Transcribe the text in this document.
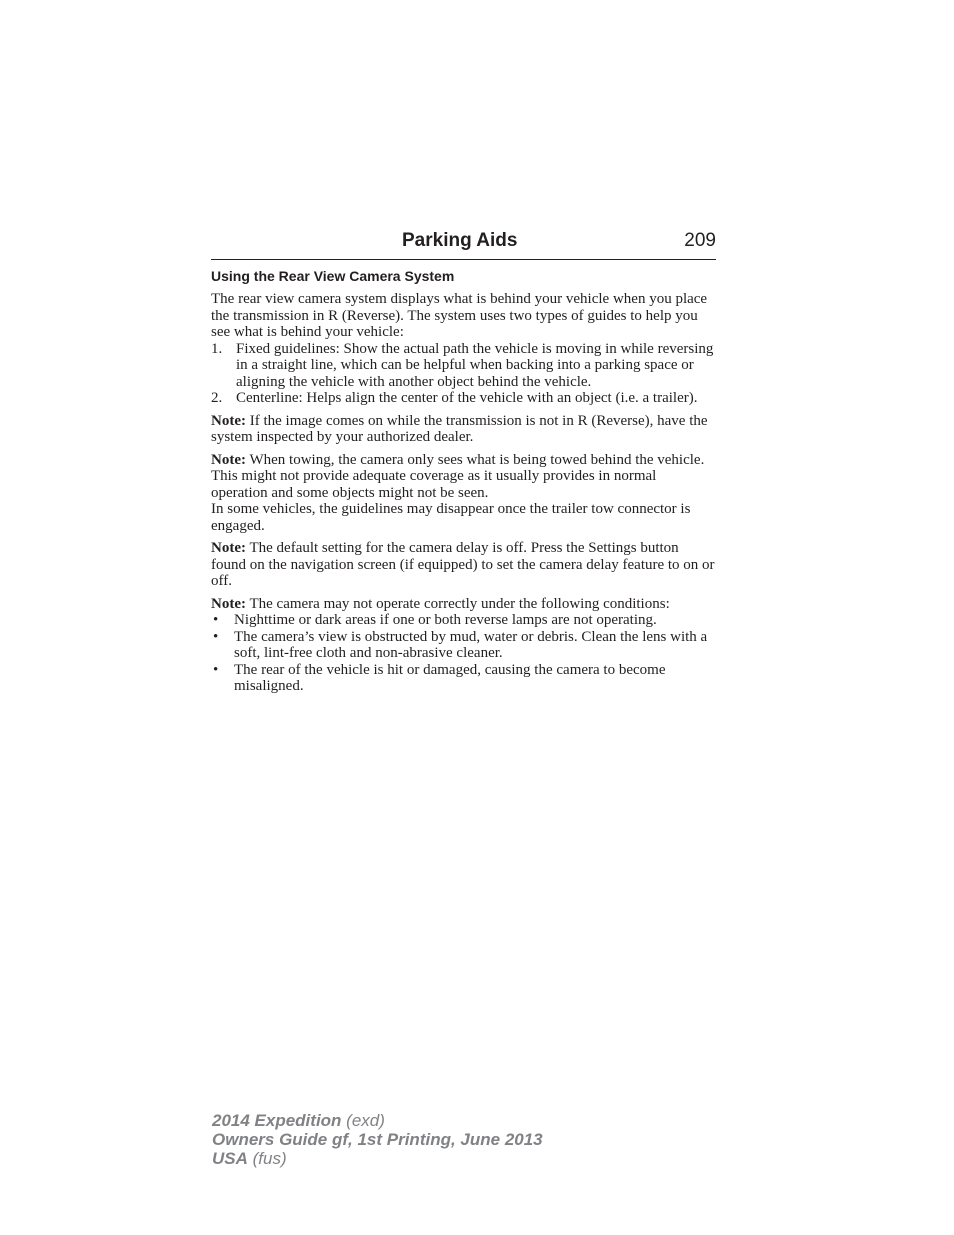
Parking Aids	209
Using the Rear View Camera System

The rear view camera system displays what is behind your vehicle when you place the transmission in R (Reverse). The system uses two types of guides to help you see what is behind your vehicle:

1. Fixed guidelines: Show the actual path the vehicle is moving in while reversing in a straight line, which can be helpful when backing into a parking space or aligning the vehicle with another object behind the vehicle.
2. Centerline: Helps align the center of the vehicle with an object (i.e. a trailer).

Note: If the image comes on while the transmission is not in R (Reverse), have the system inspected by your authorized dealer.

Note: When towing, the camera only sees what is being towed behind the vehicle. This might not provide adequate coverage as it usually provides in normal operation and some objects might not be seen.

In some vehicles, the guidelines may disappear once the trailer tow connector is engaged.

Note: The default setting for the camera delay is off. Press the Settings button found on the navigation screen (if equipped) to set the camera delay feature to on or off.

Note: The camera may not operate correctly under the following conditions:

• Nighttime or dark areas if one or both reverse lamps are not operating.
• The camera’s view is obstructed by mud, water or debris. Clean the lens with a soft, lint-free cloth and non-abrasive cleaner.
• The rear of the vehicle is hit or damaged, causing the camera to become misaligned.
2014 Expedition (exd)
Owners Guide gf, 1st Printing, June 2013
USA (fus)
